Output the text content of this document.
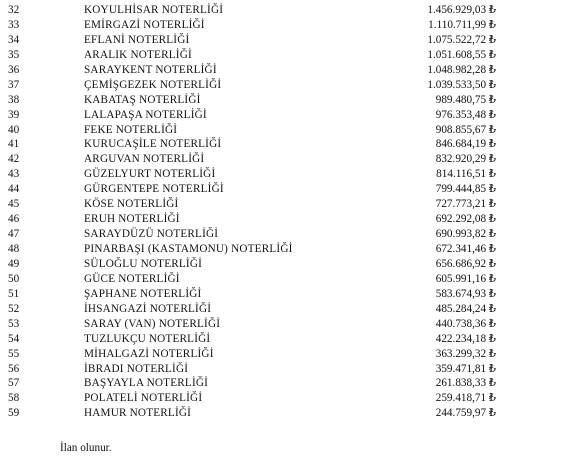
32	KOYULHİSAR NOTERLİĞİ	1.456.929,03 ₺
33	EMİRGAZİ NOTERLİĞİ	1.110.711,99 ₺
34	EFLANİ NOTERLİĞİ	1.075.522,72 ₺
35	ARALIK NOTERLİĞİ	1.051.608,55 ₺
36	SARAYKENT NOTERLİĞİ	1.048.982,28 ₺
37	ÇEMİŞGEZEK NOTERLİĞİ	1.039.533,50 ₺
38	KABATAŞ NOTERLİĞİ	989.480,75 ₺
39	LALAPAŞA NOTERLİĞİ	976.353,48 ₺
40	FEKE NOTERLİĞİ	908.855,67 ₺
41	KURUCAŞİLE NOTERLİĞİ	846.684,19 ₺
42	ARGUVAN NOTERLİĞİ	832.920,29 ₺
43	GÜZELYURT NOTERLİĞİ	814.116,51 ₺
44	GÜRGENTEPE NOTERLİĞİ	799.444,85 ₺
45	KÖSE NOTERLİĞİ	727.773,21 ₺
46	ERUH NOTERLİĞİ	692.292,08 ₺
47	SARAYDÜZÜ NOTERLİĞİ	690.993,82 ₺
48	PINARBAŞI (KASTAMONU) NOTERLİĞİ	672.341,46 ₺
49	SÜLOĞLU NOTERLİĞİ	656.686,92 ₺
50	GÜCE NOTERLİĞİ	605.991,16 ₺
51	ŞAPHANE NOTERLİĞİ	583.674,93 ₺
52	İHSANGAZİ NOTERLİĞİ	485.284,24 ₺
53	SARAY (VAN) NOTERLİĞİ	440.738,36 ₺
54	TUZLUKÇU NOTERLİĞİ	422.234,18 ₺
55	MİHALGAZİ NOTERLİĞİ	363.299,32 ₺
56	İBRADI NOTERLİĞİ	359.471,81 ₺
57	BAŞYAYLA NOTERLİĞİ	261.838,33 ₺
58	POLATELİ NOTERLİĞİ	259.418,71 ₺
59	HAMUR NOTERLİĞİ	244.759,97 ₺
İlan olunur.
